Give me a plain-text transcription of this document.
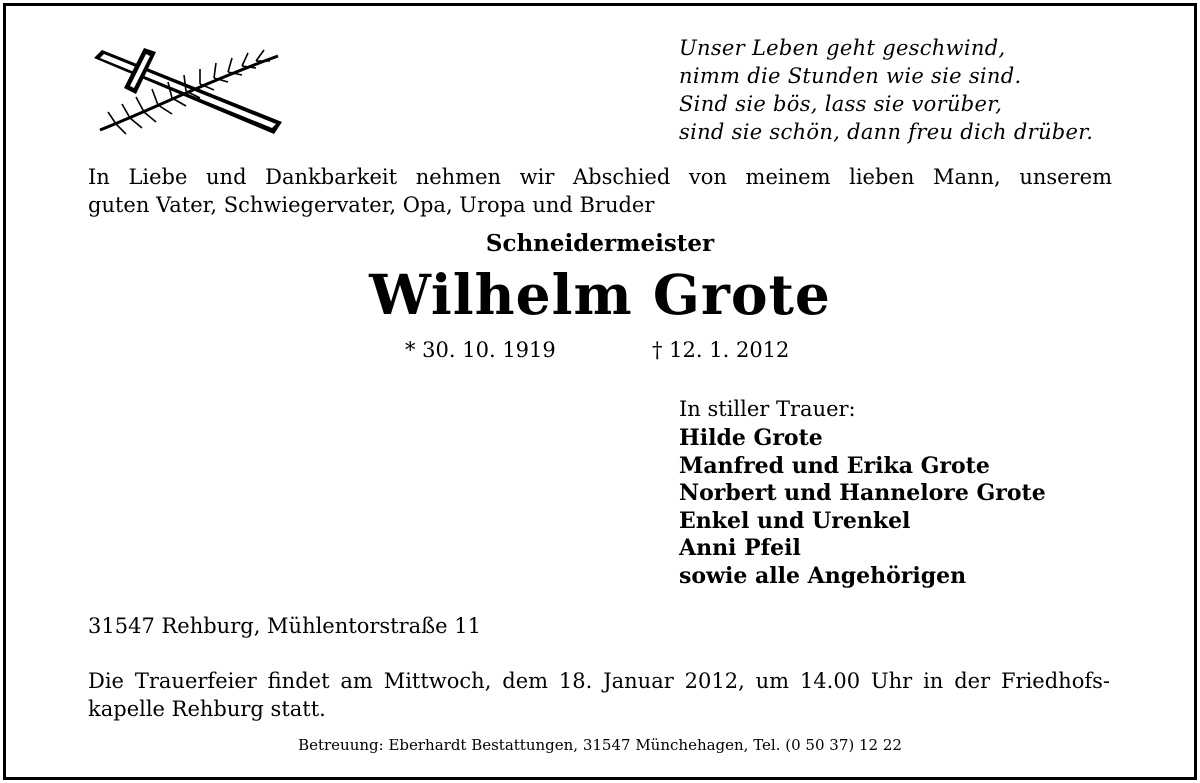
Unser Leben geht geschwind,
nimm die Stunden wie sie sind.
Sind sie bös, lass sie vorüber,
sind sie schön, dann freu dich drüber.
In Liebe und Dankbarkeit nehmen wir Abschied von meinem lieben Mann, unserem
guten Vater, Schwiegervater, Opa, Uropa und Bruder
Schneidermeister
Wilhelm Grote
* 30. 10. 1919	† 12. 1. 2012
In stiller Trauer:
Hilde Grote
Manfred und Erika Grote
Norbert und Hannelore Grote
Enkel und Urenkel
Anni Pfeil
sowie alle Angehörigen
31547 Rehburg, Mühlentorstraße 11
Die Trauerfeier findet am Mittwoch, dem 18. Januar 2012, um 14.00 Uhr in der Friedhofs-
kapelle Rehburg statt.
Betreuung: Eberhardt Bestattungen, 31547 Münchehagen, Tel. (0 50 37) 12 22
